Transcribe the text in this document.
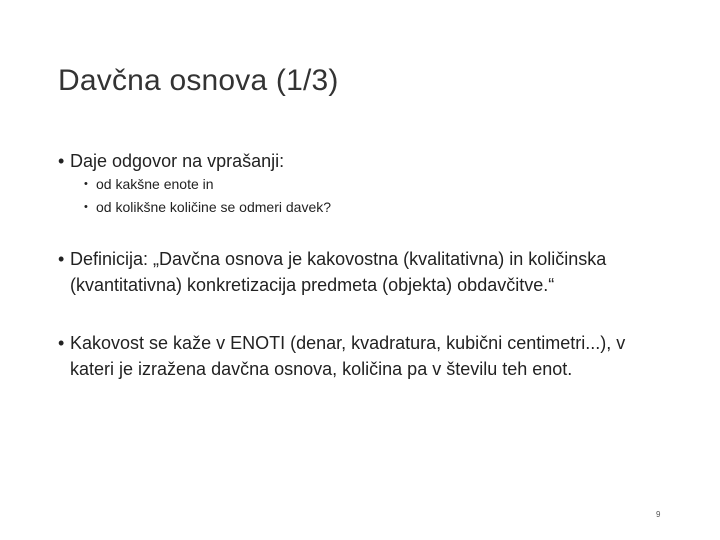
Davčna osnova (1/3)
• Daje odgovor na vprašanji:
• od kakšne enote in
• od kolikšne količine se odmeri davek?
• Definicija: „Davčna osnova je kakovostna (kvalitativna) in količinska (kvantitativna) konkretizacija predmeta (objekta) obdavčitve.“
• Kakovost se kaže v ENOTI (denar, kvadratura, kubični centimetri...), v kateri je izražena davčna osnova, količina pa v številu teh enot.
9
